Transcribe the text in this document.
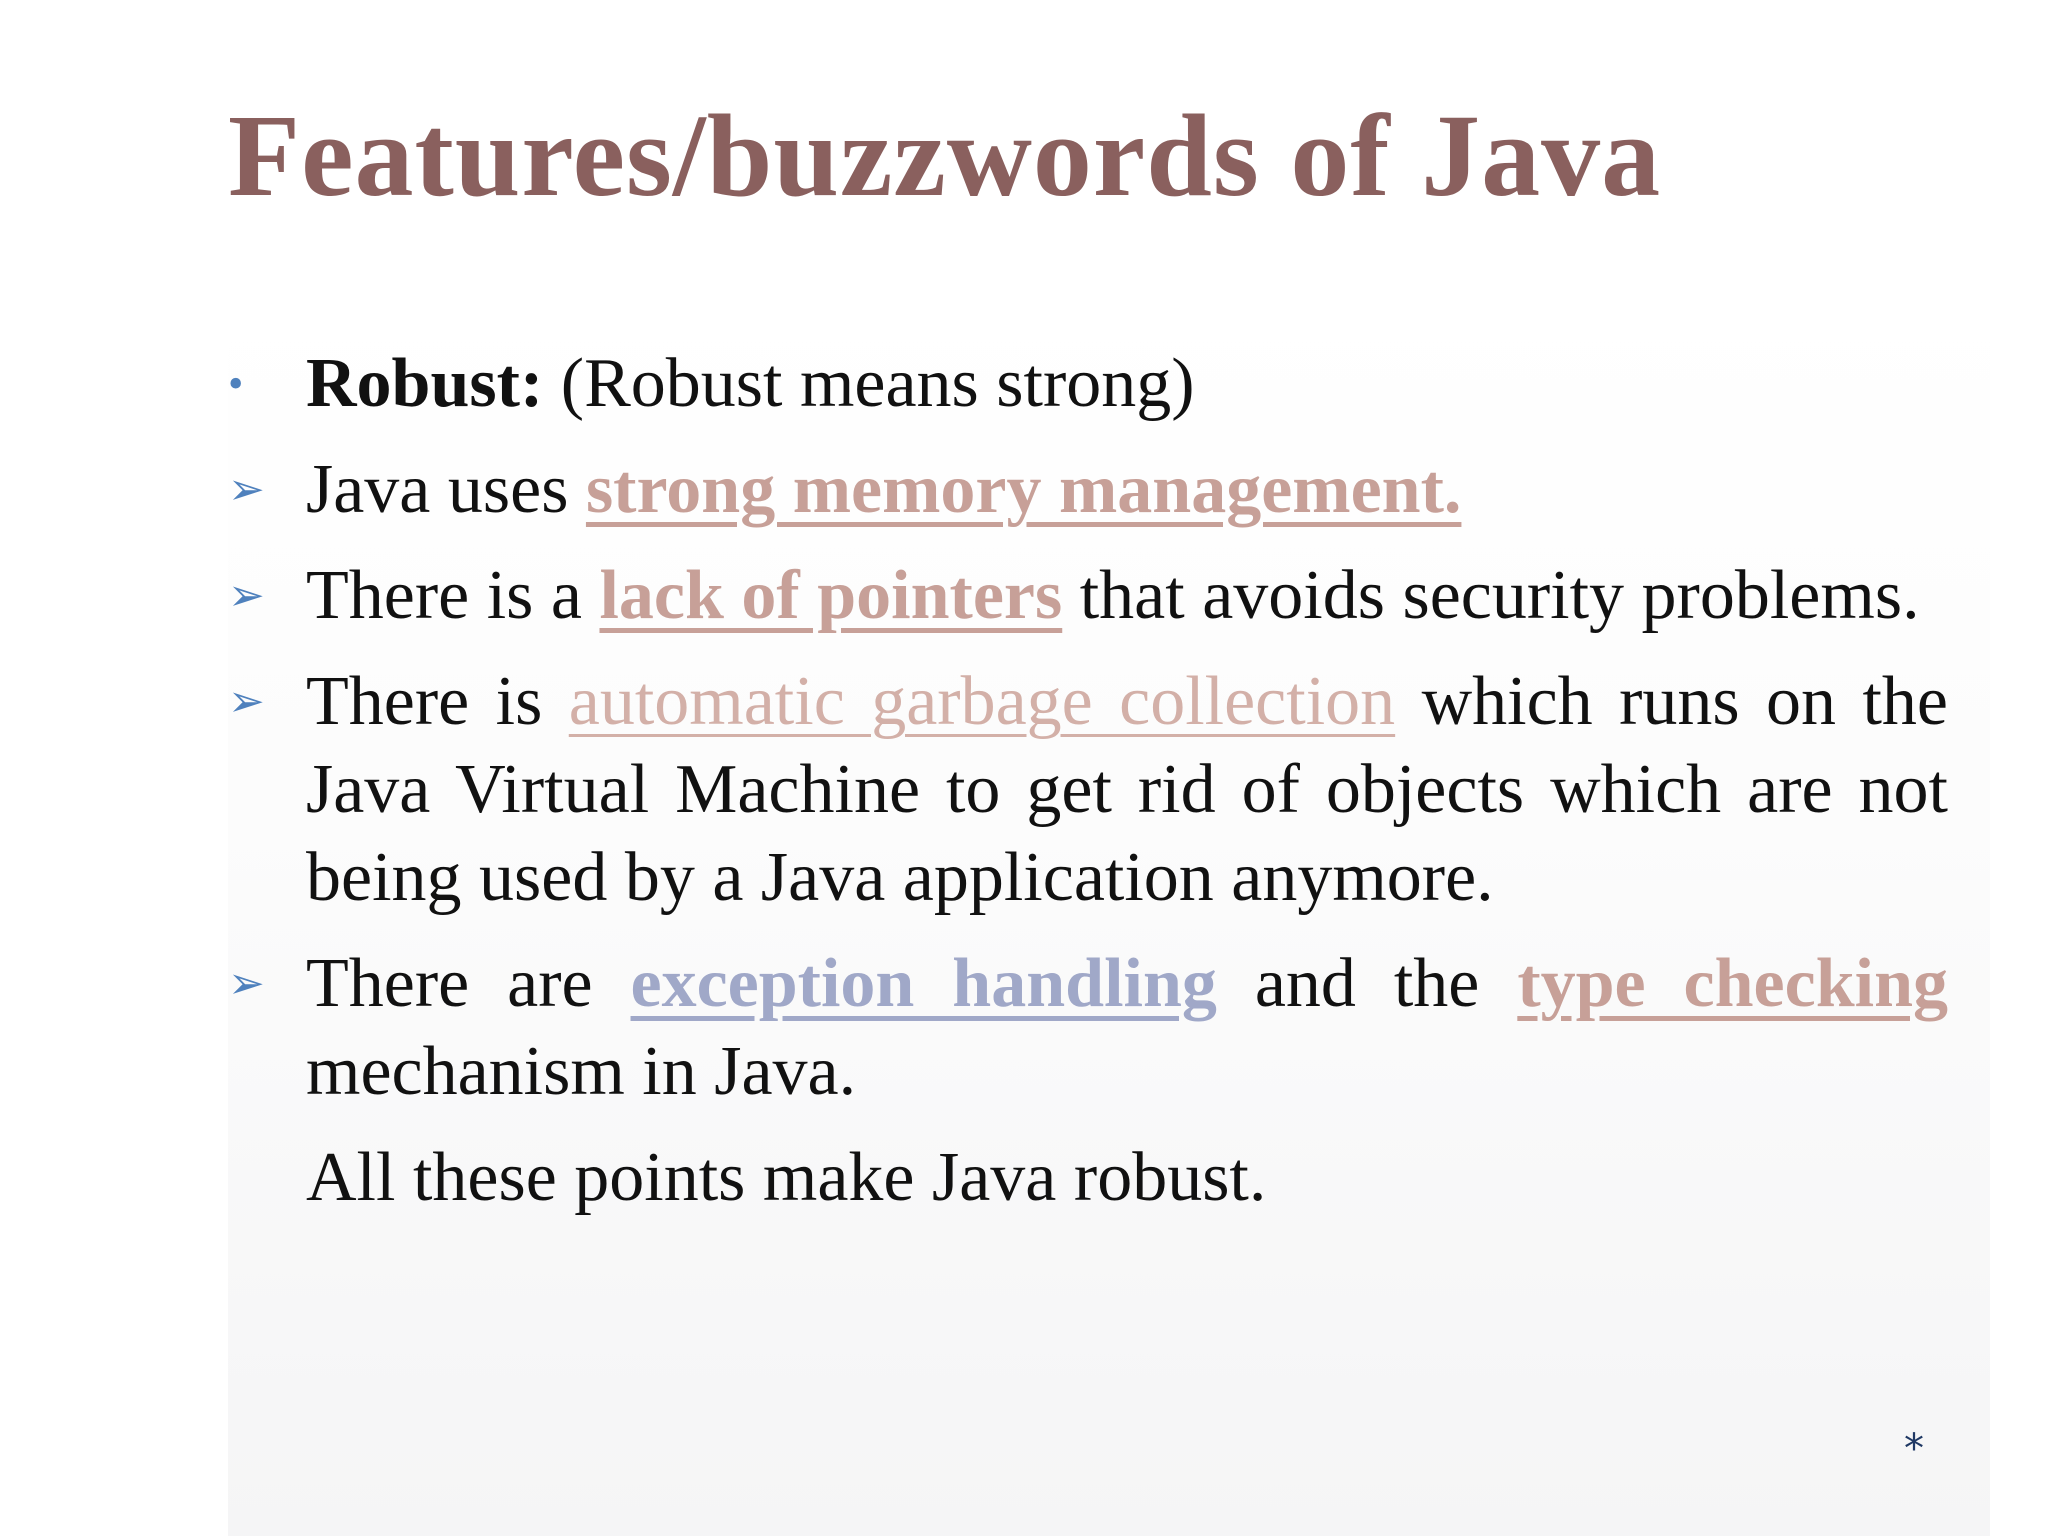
Features/buzzwords of Java
• Robust: (Robust means strong)
➢ Java uses strong memory management.
➢ There is a lack of pointers that avoids security problems.
➢ There is automatic garbage collection which runs on the Java Virtual Machine to get rid of objects which are not being used by a Java application anymore.
➢ There are exception handling and the type checking mechanism in Java.
All these points make Java robust.
*
